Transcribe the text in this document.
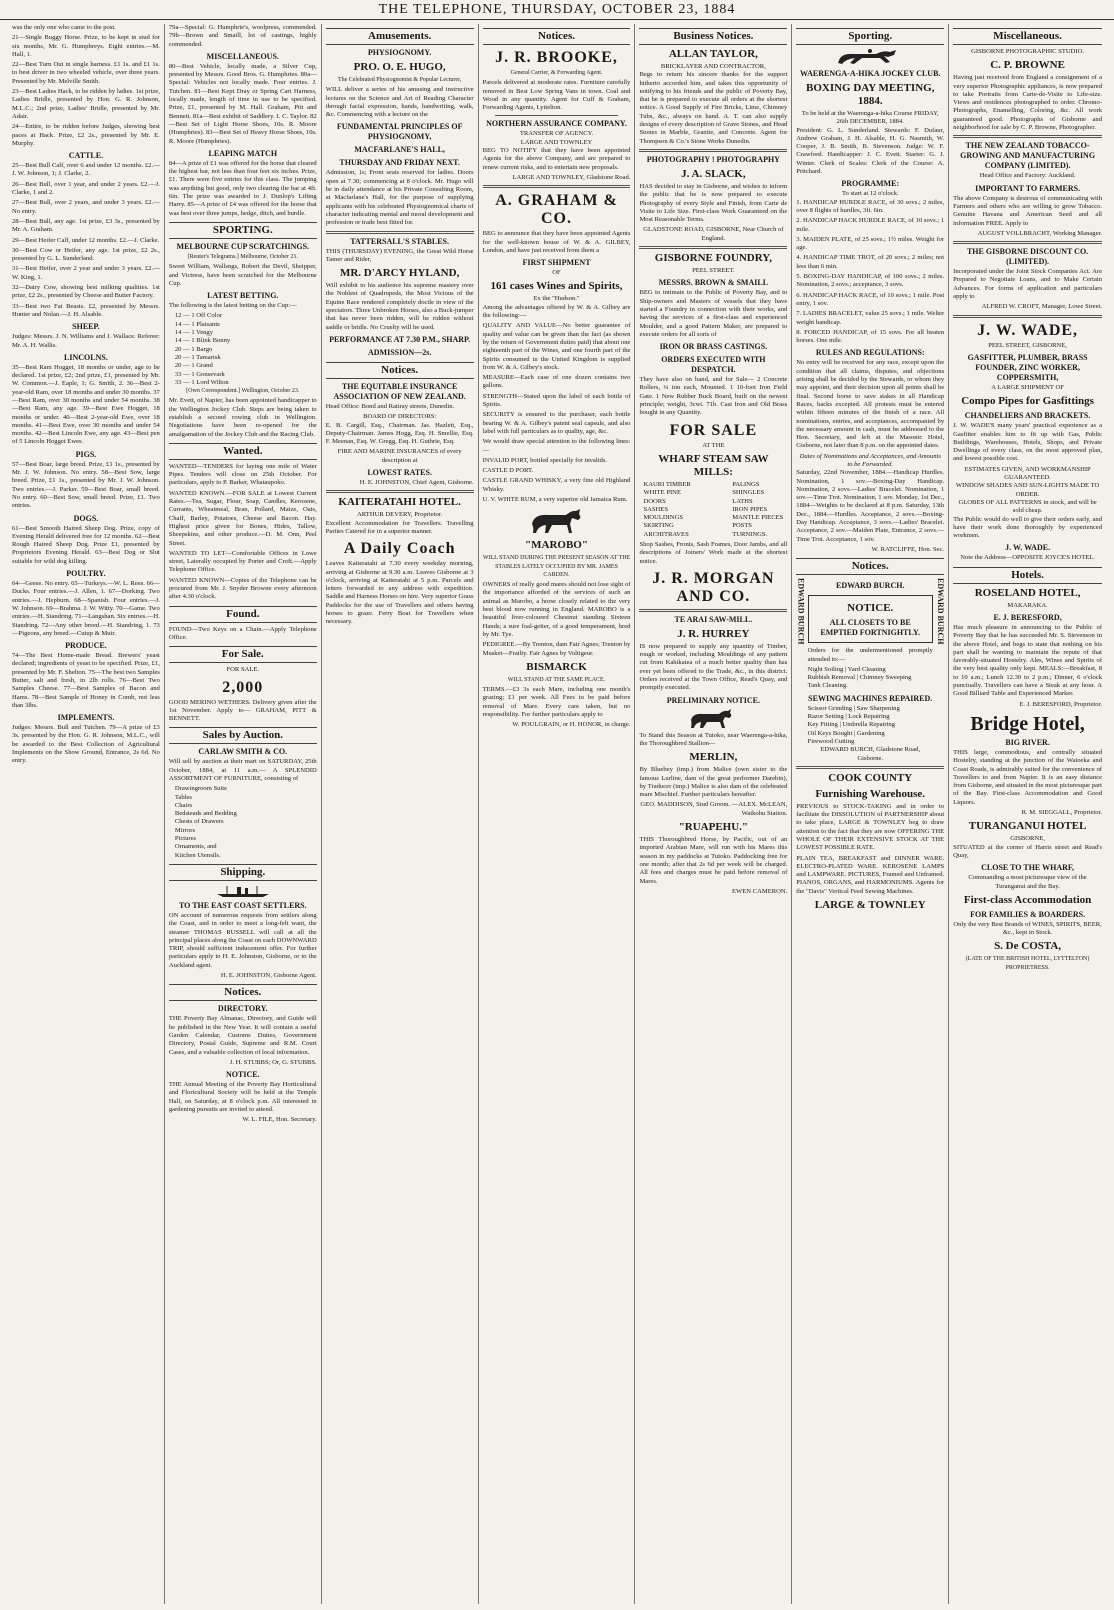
THE TELEPHONE, THURSDAY, OCTOBER 23, 1884
was the only one who came to the post.
21—Single Buggy Horse. Prize, to be kept in stud for six months, Mr. G. Humphreys. Eight entries.—M. Hall, 1.
22—Best Turn Out in single harness. £1 1s. and £1 1s. to best driver in two wheeled vehicle, over three years. Presented by Mr. Melville Smith.
23—Best Ladies Hack, to be ridden by ladies. 1st prize, Ladies Bridle, presented by Hon. G. R. Johnson, M.L.C.; 2nd prize, Ladies' Bridle, presented by Mr. Adair.
24—Entire, to be ridden before Judges, showing best paces at Hack. Prize, £2 2s., presented by Mr. E. Murphy.
CATTLE.
25—Best Bull Calf, over 6 and under 12 months. £2.—J. W. Johnson, 1; J. Clarke, 2.
26—Best Bull, over 1 year, and under 2 years. £2.—J. Clarke, 1 and 2.
27—Best Bull, over 2 years, and under 3 years. £2.—No entry.
28—Best Bull, any age. 1st prize, £3 3s., presented by Mr. A. Graham.
29—Best Heifer Calf, under 12 months. £2.—J. Clarke.
30—Best Cow or Heifer, any age. 1st prize, £2 2s., presented by G. L. Sunderland.
31—Best Heifer, over 2 year and under 3 years. £2.—W. King, 1.
32—Dairy Cow, showing best milking qualities. 1st prize, £2 2s., presented by Cheese and Butter Factory.
33—Best two Fat Beasts. £2, presented by Messrs. Hunter and Nolan.—J. H. Alsable.
SHEEP.
Judges: Messrs. J. N. Williams and J. Wallace. Referee: Mr. A. H. Wallis.
LINCOLNS.
35—Best Ram Hogget, 18 months or under, age to be declared. 1st prize, £2; 2nd prize, £1, presented by Mr. W. Common.—J. Eaple, 1; G. Smith, 2. 36—Best 2-year-old Ram, over 18 months and under 30 months. 37—Best Ram, over 30 months and under 54 months. 38—Best Ram, any age. 39—Best Ewe Hogget, 18 months or under. 40—Best 2-year-old Ewe, over 18 months. 41—Best Ewe, over 30 months and under 54 months. 42—Best Lincoln Ewe, any age. 43—Best pen of 5 Lincoln Hogget Ewes.
PIGS.
57—Best Boar, large breed. Prize, £1 1s., presented by Mr. J. W. Johnson. No entry. 58—Best Sow, large breed. Prize, £1 1s., presented by Mr. J. W. Johnson. Two entries.—J. Parker. 59—Best Boar, small breed. No entry. 60—Best Sow, small breed. Prize, £1. Two entries.
DOGS.
61—Best Smooth Haired Sheep Dog. Prize, copy of Evening Herald delivered free for 12 months. 62—Best Rough Haired Sheep Dog. Prize £1, presented by Proprietors Evening Herald. 63—Best Dog or Slut suitable for wild dog killing.
POULTRY.
64—Geese. No entry. 65—Turkeys.—W. L. Rees. 66—Ducks. Four entries.—J. Allen, 1. 67—Dorking. Two entries.—J. Hepburn. 68—Spanish. Four entries.—J. W. Johnson. 69—Brahma. J. W. Witty. 70—Game. Two entries.—H. Standring. 71—Langshan. Six entries.—H. Standring. 72—Any other breed.—H. Standring, 1. 73—Pigeons, any breed.—Cutup & Muir.
PRODUCE.
74—The Best Home-made Bread. Brewers' yeast declared; ingredients of yeast to be specified. Prize, £1, presented by Mr. F. Shelton. 75—The best two Samples Butter, salt and fresh, in 2lb rolls. 76—Best Two Samples Cheese. 77—Best Samples of Bacon and Hams. 78—Best Sample of Honey in Comb, not less than 3lbs.
IMPLEMENTS.
Judges: Messrs. Bull and Tutchen. 79—A prize of £3 3s. presented by the Hon. G. R. Johnson, M.L.C., will be awarded to the Best Collection of Agricultural Implements on the Show Ground, Entrance, 2s 6d. No entry.
79a—Special: G. Humphrie's, woolpress, commended. 79b—Brown and Smaill, lot of castings, highly commended.
MISCELLANEOUS.
80—Best Vehicle, locally made, a Silver Cup, presented by Messrs. Good Bros. G. Humphries. 80a—Special: Vehicles not locally made. Four entries. J. Tutchen. 81—Best Kept Dray or Spring Cart Harness, locally made, length of time in use to be specified. Prize, £1, presented by M. Hall. Graham, Pitt and Bennett. 81a—Best exhibit of Saddlery. I. C. Taylor. 82—Best Set of Light Horse Shoes, 10s. R. Moore (Humphries). 83—Best Set of Heavy Horse Shoes, 10s. R. Moore (Humphries).
LEAPING MATCH
84—A prize of £1 was offered for the horse that cleared the highest bar, not less than four feet six inches. Prize, £1. There were five entries for this class. The jumping was anything but good, only two clearing the bar at 4ft. 6in. The prize was awarded to J. Dunlop's Lifting Harry. 85—A prize of £4 was offered for the horse that was best over three jumps, hedge, ditch, and hurdle.
SPORTING.
MELBOURNE CUP SCRATCHINGS.
[Reuter's Telegrams.] Melbourne, October 21.
Sweet William, Wallsngs, Robert the Devil, Sheipper, and Victress, have been scratched for the Melbourne Cup.
LATEST BETTING.
The following is the latest betting on the Cup:—
12 — 1 Off Color
14 — 1 Plaisante
14 — 1 Vengy
14 — 1 Blink Bonny
20 — 1 Bargo
20 — 1 Tamarisk
20 — 1 Grand
33 — 1 Gonsevark
33 — 1 Lord Wilton
[Own Correspondent.] Wellington, October 23.
Mr. Evett, of Napier, has been appointed handicapper to the Wellington Jockey Club. Steps are being taken to establish a second rowing club in Wellington. Negotiations have been re-opened for the amalgamation of the Jockey Club and the Racing Club.
Wanted.
WANTED—TENDERS for laying one mile of Water Pipes. Tenders will close on 25th October. For particulars, apply to P. Barker, Whataupoko.
WANTED KNOWN.—FOR SALE at Lowest Current Rates.—Tea, Sugar, Flour, Soap, Candles, Kerosene, Currants, Wheatmeal, Bran, Pollard, Maize, Oats, Chaff, Barley, Potatoes, Cheese and Bacon. Hay. Highest price given for Bones, Hides, Tallow, Sheepskins, and other produce.—D. M. Onn, Peel Street.
WANTED TO LET—Comfortable Offices in Lowe street, Laterally occupied by Porter and Croft.—Apply Telephone Office.
WANTED KNOWN—Copies of the Telephone can be procured from Mr. J. Snyder Browne every afternoon after 4.30 o'clock.
Found.
FOUND—Two Keys on a Chain.—Apply Telephone Office.
For Sale.
FOR SALE.
2,000
GOOD MERINO WETHERS. Delivery given after the 1st November. Apply to— GRAHAM, PITT & BENNETT.
Sales by Auction.
CARLAW SMITH & CO.
Will sell by auction at their mart on SATURDAY, 25th October, 1884, at 11 a.m.— A SPLENDID ASSORTMENT OF FURNITURE, consisting of
Drawingroom Suite
Tables
Chairs
Bedsteads and Bedding
Chests of Drawers
Mirrors
Pictures
Ornaments, and
Kitchen Utensils.
Shipping.
TO THE EAST COAST SETTLERS.
ON account of numerous requests from settlers along the Coast, and in order to meet a long-felt want, the steamer THOMAS RUSSELL will call at all the principal places along the Coast on each DOWNWARD TRIP, should sufficient inducement offer. For further particulars apply to H. E. Johnston, Gisborne, or to the Auckland agent.
H. E. JOHNSTON, Gisborne Agent.
Notices.
DIRECTORY.
THE Poverty Bay Almanac, Directory, and Guide will be published in the New Year. It will contain a useful Garden Calendar, Customs Duties, Government Directory, Postal Guide, Supreme and R.M. Court Cases, and a valuable collection of local information.
J. H. STUBBS; Or, G. STUBBS.
NOTICE.
THE Annual Meeting of the Poverty Bay Horticultural and Floricultural Society will be held at the Temple Hall, on Saturday, at 8 o'clock p.m. All interested in gardening pursuits are invited to attend.
W. L. FILE, Hon. Secretary.
Amusements.
PHYSIOGNOMY.
PRO. O. E. HUGO,
The Celebrated Physiognomist & Popular Lecturer,
WILL deliver a series of his amusing and instructive lectures on the Science and Art of Reading Character through facial expression, hands, handwriting, walk, &c. Commencing with a lecture on the
FUNDAMENTAL PRINCIPLES OF PHYSIOGNOMY,
MACFARLANE'S HALL,
THURSDAY AND FRIDAY NEXT.
Admission, 1s; Front seats reserved for ladies. Doors open at 7.30; commencing at 8 o'clock. Mr. Hugo will be in daily attendance at his Private Consulting Room, at Macfarlane's Hall, for the purpose of supplying applicants with his celebrated Physiognomical charts of character indicating mental and moral development and profession or trade best fitted for.
TATTERSALL'S STABLES.
THIS (THURSDAY) EVENING, the Great Wild Horse Tamer and Rider,
MR. D'ARCY HYLAND,
Will exhibit to his audience his supreme mastery over the Noblest of Quadrupeds, the Most Vicious of the Equine Race rendered completely docile in view of the spectators. Three Unbroken Horses, also a Buck-jumper that has never been ridden, will be ridden without saddle or bridle. No Cruelty will be used.
PERFORMANCE AT 7.30 P.M., SHARP.
ADMISSION—2s.
Notices.
THE EQUITABLE INSURANCE ASSOCIATION OF NEW ZEALAND.
Head Office: Bond and Rattray streets, Dunedin.
BOARD OF DIRECTORS:
E. B. Cargill, Esq., Chairman. Jas. Hazlett, Esq., Deputy-Chairman. James Hogg, Esq. H. Smellie, Esq. F. Meenan, Esq. W. Gregg, Esq. H. Guthrie, Esq.
FIRE AND MARINE INSURANCES of every description at
LOWEST RATES.
H. E. JOHNSTON, Chief Agent, Gisborne.
KAITERATAHI HOTEL.
ARTHUR DEVERY, Proprietor.
Excellent Accommodation for Travellers. Travelling Parties Catered for in a superior manner.
A Daily Coach
Leaves Kaiteratahi at 7.30 every weekday morning, arriving at Gisborne at 9.30 a.m. Leaves Gisborne at 3 o'clock, arriving at Kaiteratahi at 5 p.m. Parcels and letters forwarded to any address with expedition. Saddle and Harness Horses on hire. Very superior Grass Paddocks for the use of Travellers and others having horses to graze. Ferry Boat for Travellers when necessary.
Notices.
J. R. BROOKE,
General Carrier, & Forwarding Agent.
Parcels delivered at moderate rates. Furniture carefully removed in Best Low Spring Vans in town. Coal and Wood in any quantity. Agent for Cuff & Graham, Forwarding Agents, Lyttelton.
NORTHERN ASSURANCE COMPANY.
TRANSFER OF AGENCY.
LARGE AND TOWNLEY
BEG TO NOTIFY that they have been appointed Agents for the above Company, and are prepared to renew current risks, and to entertain new proposals.
LARGE AND TOWNLEY, Gladstone Road.
A. GRAHAM & CO.
BEG to announce that they have been appointed Agents for the well-known house of W. & A. GILBEY, London, and have just received from them a
FIRST SHIPMENT
OF
161 cases Wines and Spirits,
Ex the "Hudson."
Among the advantages offered by W. & A. Gilbey are the following:—
QUALITY AND VALUE—No better guarantee of quality and value can be given than the fact (as shown by the return of Government duties paid) that about one eighteenth part of the Wines, and one fourth part of the Spirits consumed in the United Kingdom is supplied from W. & A. Gilbey's stock.
MEASURE—Each case of one dozen contains two gallons.
STRENGTH—Stated upon the label of each bottle of Spirits.
SECURITY is ensured to the purchaser, each bottle bearing W. & A. Gilbey's patent seal capsule, and also label with full particulars as to quality, age, &c.
We would draw special attention to the following lines:—
INVALID PORT, bottled specially for invalids.
CASTLE D PORT.
CASTLE GRAND WHISKY, a very fine old Highland Whisky.
U. V. WHITE RUM, a very superior old Jamaica Rum.
"MAROBO"
WILL STAND DURING THE PRESENT SEASON AT THE STABLES LATELY OCCUPIED BY MR. JAMES CARDEN.
OWNERS of really good mares should not lose sight of the importance afforded of the services of such an animal as Marobo, a horse closely related to the very best blood now running in England. MAROBO is a beautiful liver-coloured Chestnut standing Sixteen Hands; a sure foal-getter, of a good temperament, bred by Mr. Tye.
PEDIGREE.—By Trenton, dam Fair Agnes; Trenton by Musket—Frailty. Fair Agnes by Voltigeur.
BISMARCK
WILL STAND AT THE SAME PLACE.
TERMS.—£3 3s each Mare, including one month's grazing; £1 per week. All Fees to be paid before removal of Mare. Every care taken, but no responsibility. For further particulars apply to
W. POULGRAIN, or H. HONOR, in charge.
Business Notices.
ALLAN TAYLOR,
BRICKLAYER AND CONTRACTOR,
Begs to return his sincere thanks for the support hitherto accorded him, and takes this opportunity of notifying to his friends and the public of Poverty Bay, that he is prepared to execute all orders at the shortest notice. A Good Supply of Fire Bricks, Lime, Chimney Tubs, &c., always on hand. A. T. can also supply designs of every description of Grave Stones, and Head Stones in Marble, Granite, and Concrete. Agent for Thompson & Co.'s Stone Works Dunedin.
PHOTOGRAPHY ! PHOTOGRAPHY
J. A. SLACK,
HAS decided to stay in Gisborne, and wishes to inform the public that he is now prepared to execute Photography of every Style and Finish, from Carte de Visite to Life Size. First-class Work Guaranteed on the Most Reasonable Terms.
GLADSTONE ROAD, GISBORNE, Near Church of England.
GISBORNE FOUNDRY,
PEEL STREET.
MESSRS. BROWN & SMAILL
BEG to intimate to the Public of Poverty Bay, and to Ship-owners and Masters of vessels that they have started a Foundry in connection with their works, and having the services of a first-class and experienced Moulder, and a good Pattern Maker, are prepared to execute orders for all sorts of
IRON OR BRASS CASTINGS.
ORDERS EXECUTED WITH DESPATCH.
They have also on hand, and for Sale— 2 Concrete Rollers, ¼ ton each, Mounted. 1 10-foot Iron Field Gate. 1 New Rubber Buck Board, built on the newest principle; weight, 3cwt. 71b. Cast Iron and Old Brass bought in any Quantity.
FOR SALE
AT THE
WHARF STEAM SAW MILLS:
KAURI TIMBER
WHITE PINE
DOORS
SASHES
MOULDINGS
SKIRTING
ARCHITRAVES
PALINGS
SHINGLES
LATHS
IRON PIPES
MANTLE PIECES
POSTS
TURNINGS.
Shop Sashes, Fronts, Sash Frames, Door Jambs, and all descriptions of Joiners' Work made at the shortest notice.
J. R. MORGAN AND CO.
TE ARAI SAW-MILL.
J. R. HURREY
IS now prepared to supply any quantity of Timber, rough or worked, including Mouldings of any pattern cut from Kahikatea of a much better quality than has ever yet been offered to the Trade, &c., in this district. Orders received at the Town Office, Read's Quay, and promptly executed.
PRELIMINARY NOTICE.
To Stand this Season at Tutoko, near Waerenga-a-hika, the Thoroughbred Stallion—
MERLIN,
By Bluebey (imp.) from Malice (own sister to the famous Lurline, dam of the great performer Darebin), by Traducer (imp.) Malice is also dam of the celebrated mare Mischief. Further particulars hereafter.
GEO. MADDISON, Stud Groom. —ALEX. McLEAN, Waikohu Station.
"RUAPEHU."
THIS Thoroughbred Horse, by Pacific, out of an imported Arabian Mare, will run with his Mares this season in my paddocks at Tutoko. Paddocking free for one month; after that 2s 6d per week will be charged. All fees and charges must be paid before removal of Mares.
EWEN CAMERON.
Sporting.
WAERENGA-A-HIKA JOCKEY CLUB.
BOXING DAY MEETING, 1884.
To be held at the Waerenga-a-hika Course FRIDAY, 26th DECEMBER, 1884.
President: G. L. Sunderland. Stewards: F. Dufaur, Andrew Graham, J. H. Alsable, H. G. Nasmith, W. Cooper, J. B. Smith, B. Stevenson. Judge: W. F. Crawford. Handicapper: J. C. Evett. Starter: G. J. Winter. Clerk of Scales: Clerk of the Course: A. Pritchard.
PROGRAMME:
To start at 12 o'clock.
1. HANDICAP HURDLE RACE, of 30 sovs.; 2 miles, over 8 flights of hurdles, 3ft. 6in.
2. HANDICAP HACK HURDLE RACE, of 10 sovs.; 1 mile.
3. MAIDEN PLATE, of 25 sovs.; 1½ miles. Weight for age.
4. HANDICAP TIME TROT, of 20 sovs.; 2 miles; not less than 6 min.
5. BOXING-DAY HANDICAP, of 100 sovs.; 2 miles. Nomination, 2 sovs.; acceptance, 3 sovs.
6. HANDICAP HACK RACE, of 10 sovs.; 1 mile. Post entry, 1 sov.
7. LADIES BRACELET, value 25 sovs.; 1 mile. Welter weight handicap.
8. FORCED HANDICAP, of 15 sovs. For all beaten horses. One mile.
RULES AND REGULATIONS:
No entry will be received for any race, except upon the condition that all claims, disputes, and objections arising shall be decided by the Stewards, or whom they may appoint, and their decision upon all points shall be final. Second horse to save stakes in all Handicap Races, hacks excepted. All protests must be entered within fifteen minutes of the finish of a race. All nominations, entries, and acceptances, accompanied by the necessary amount in cash, must be addressed to the Hon. Secretary, and left at the Masonic Hotel, Gisborne, not later than 8 p.m. on the appointed dates.
Dates of Nominations and Acceptances, and Amounts to be Forwarded.
Saturday, 22nd November, 1884.—Handicap Hurdles. Nomination, 1 sov.—Boxing-Day Handicap. Nomination, 2 sovs.—Ladies' Bracelet. Nomination, 1 sov.—Time Trot. Nomination, 1 sov. Monday, 1st Dec., 1884—Weights to be declared at 8 p.m. Saturday, 13th Dec., 1884.—Hurdles. Acceptance, 2 sovs.—Boxing-Day Handicap. Acceptance, 3 sovs.—Ladies' Bracelet. Acceptance, 2 sov.—Maiden Plate, Entrance, 2 sovs.—Time Trot. Acceptance, 1 sov.
W. RATCLIFFE, Hon. Sec.
Notices.
EDWARD BURCH	EDWARD BURCH.
NOTICE.
ALL CLOSETS TO BE EMPTIED FORTNIGHTLY.
Orders for the undermentioned promptly attended to:—
Night Soiling | Yard Cleaning
Rubbish Removal | Chimney Sweeping
Tank Cleaning.
SEWING MACHINES REPAIRED.
Scissor Grinding | Saw Sharpening
Razor Setting | Lock Repairing
Key Fitting | Umbrella Repairing
Oil Keys Bought | Gardening
Firewood Cutting
EDWARD BURCH, Gladstone Road, Gisborne.
EDWARD BURCH
COOK COUNTY
Furnishing Warehouse.
PREVIOUS to STOCK-TAKING and in order to facilitate the DISSOLUTION of PARTNERSHIP about to take place, LARGE & TOWNLEY beg to draw attention to the fact that they are now OFFERING THE WHOLE OF THEIR EXTENSIVE STOCK AT THE LOWEST POSSIBLE RATE.
PLAIN TEA, BREAKFAST and DINNER WARE. ELECTRO-PLATED WARE. KEROSENE LAMPS and LAMPWARE. PICTURES, Framed and Unframed. PIANOS, ORGANS, and HARMONIUMS. Agents for the "Davis" Vertical Feed Sewing Machines.
LARGE & TOWNLEY
Miscellaneous.
GISBORNE PHOTOGRAPHIC STUDIO.
C. P. BROWNE
Having just received from England a consignment of a very superior Photographic appliances, is now prepared to take Portraits from Carte-de-Visite to Life-size. Views and residences photographed to order. Chromo-Photographs, Enamelling, Coloring, &c. All work guaranteed good. Photographs of Gisborne and neighborhood for sale by C. P. Browne, Photographer.
THE NEW ZEALAND TOBACCO-GROWING AND MANUFACTURING COMPANY (LIMITED).
Head Office and Factory: Auckland.
IMPORTANT TO FARMERS.
The above Company is desirous of communicating with Farmers and others who are willing to grow Tobacco. Genuine Havana and American Seed and all information FREE. Apply to
AUGUST VOLLBRACHT, Working Manager.
THE GISBORNE DISCOUNT CO. (LIMITED).
Incorporated under the Joint Stock Companies Act. Are Prepared to Negotiate Loans, and to Make Certain Advances. For forms of application and particulars apply to
ALFRED W. CROFT, Manager, Lowe Street.
J. W. WADE,
PEEL STREET, GISBORNE,
GASFITTER, PLUMBER, BRASS FOUNDER, ZINC WORKER, COPPERSMITH,
A LARGE SHIPMENT OF
Compo Pipes for Gasfittings
CHANDELIERS AND BRACKETS.
J. W. WADE'S many years' practical experience as a Gasfitter enables him to fit up with Gas, Public Buildings, Warehouses, Hotels, Shops, and Private Dwellings of every class, on the most approved plan, and lowest possible cost.
ESTIMATES GIVEN, AND WORKMANSHIP GUARANTEED.
WINDOW SHADES AND SUN-LIGHTS MADE TO ORDER.
GLOBES OF ALL PATTERNS in stock, and will be sold cheap.
The Public would do well to give their orders early, and have their work done thoroughly by experienced workmen.
J. W. WADE.
Note the Address—OPPOSITE JOYCE'S HOTEL.
Hotels.
ROSELAND HOTEL,
MAKARAKA.
E. J. BERESFORD,
Has much pleasure in announcing to the Public of Poverty Bay that he has succeeded Mr. S. Stevenson in the above Hotel, and begs to state that nothing on his part shall be wanting to maintain the repute of that favorably-situated Hostelry. Ales, Wines and Spirits of the very best quality only kept. MEALS:—Breakfast, 8 to 10 a.m.; Lunch 12.30 to 2 p.m.; Dinner, 6 o'clock punctually. Travellers can have a Steak at any hour. A Good Billiard Table and Experienced Marker.
E. J. BERESFORD, Proprietor.
Bridge Hotel,
BIG RIVER.
THIS large, commodious, and centrally situated Hostelry, standing at the junction of the Waioeka and Coast Roads, is admirably suited for the convenience of Travellers to and from Napier. It is an easy distance from Gisborne, and situated in the most picturesque part of the Bay. First-class Accommodation and Good Liquors.
R. M. SIEGGALL, Proprietor.
TURANGANUI HOTEL
GISBORNE,
SITUATED at the corner of Harris street and Read's Quay,
CLOSE TO THE WHARF,
Commanding a most picturesque view of the Turanganui and the Bay.
First-class Accommodation
FOR FAMILIES & BOARDERS.
Only the very Best Brands of WINES, SPIRITS, BEER, &c., kept in Stock.
S. De COSTA,
(LATE OF THE BRITISH HOTEL, LYTTELTON) PROPRIETRESS.
